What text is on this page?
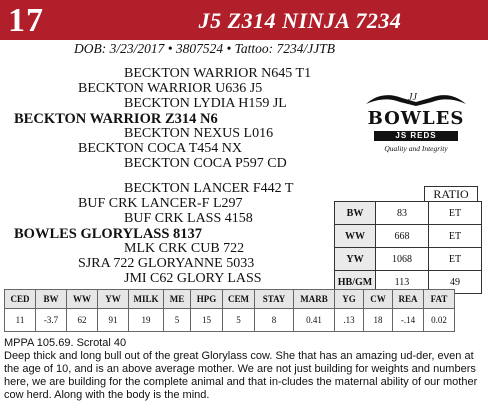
17	J5 Z314 NINJA 7234
DOB: 3/23/2017 • 3807524 • Tattoo: 7234/JJTB
BECKTON WARRIOR N645 T1
BECKTON WARRIOR U636 J5
BECKTON LYDIA H159 JL
BECKTON WARRIOR Z314 N6
BECKTON NEXUS L016
BECKTON COCA T454 NX
BECKTON COCA P597 CD
BECKTON LANCER F442 T
BUF CRK LANCER-F L297
BUF CRK LASS 4158
BOWLES GLORYLASS 8137
MLK CRK CUB 722
SJRA 722 GLORYANNE 5033
JMI C62 GLORY LASS
JJ
BOWLES
JS REDS
Quality and Integrity
RATIO
BW	83	ET
WW	668	ET
YW	1068	ET
HB/GM	113	49
CED	BW	WW	YW	MILK	ME	HPG	CEM	STAY	MARB	YG	CW	REA	FAT
11	-3.7	62	91	19	5	15	5	8	0.41	.13	18	-.14	0.02
MPPA 105.69. Scrotal 40
Deep thick and long bull out of the great Glorylass cow. She that has an amazing ud-der, even at the age of 10, and is an above average mother. We are not just building for weights and numbers here, we are building for the complete animal and that in-cludes the maternal ability of our mother cow herd. Along with the body is the mind.
